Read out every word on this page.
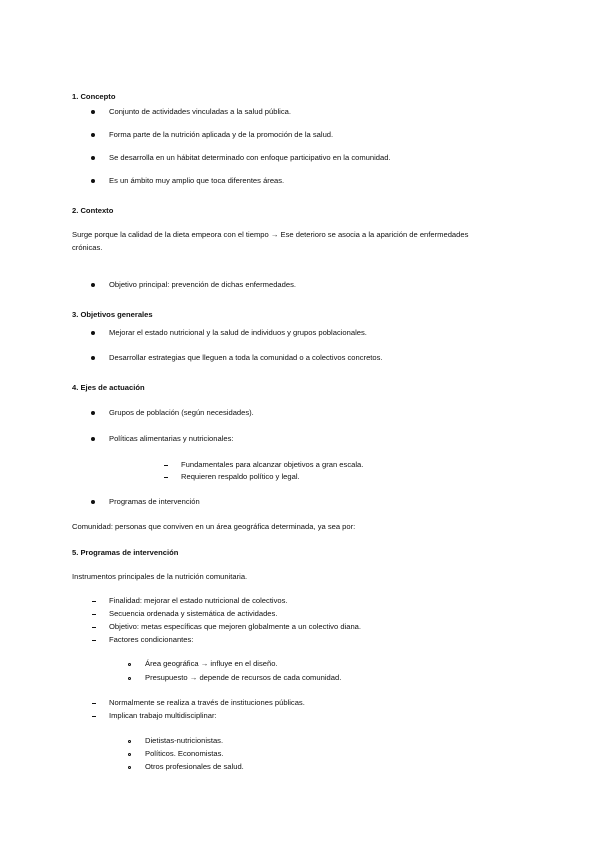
1. Concepto
Conjunto de actividades vinculadas a la salud pública.
Forma parte de la nutrición aplicada y de la promoción de la salud.
Se desarrolla en un hábitat determinado con enfoque participativo en la comunidad.
Es un ámbito muy amplio que toca diferentes áreas.
2. Contexto
Surge porque la calidad de la dieta empeora con el tiempo → Ese deterioro se asocia a la aparición de enfermedades
crónicas.
Objetivo principal: prevención de dichas enfermedades.
3. Objetivos generales
Mejorar el estado nutricional y la salud de individuos y grupos poblacionales.
Desarrollar estrategias que lleguen a toda la comunidad o a colectivos concretos.
4. Ejes de actuación
Grupos de población (según necesidades).
Políticas alimentarias y nutricionales:
Fundamentales para alcanzar objetivos a gran escala.
Requieren respaldo político y legal.
Programas de intervención
Comunidad: personas que conviven en un área geográfica determinada, ya sea por:
5. Programas de intervención
Instrumentos principales de la nutrición comunitaria.
Finalidad: mejorar el estado nutricional de colectivos.
Secuencia ordenada y sistemática de actividades.
Objetivo: metas específicas que mejoren globalmente a un colectivo diana.
Factores condicionantes:
Área geográfica → influye en el diseño.
Presupuesto → depende de recursos de cada comunidad.
Normalmente se realiza a través de instituciones públicas.
Implican trabajo multidisciplinar:
Dietistas-nutricionistas.
Políticos. Economistas.
Otros profesionales de salud.
